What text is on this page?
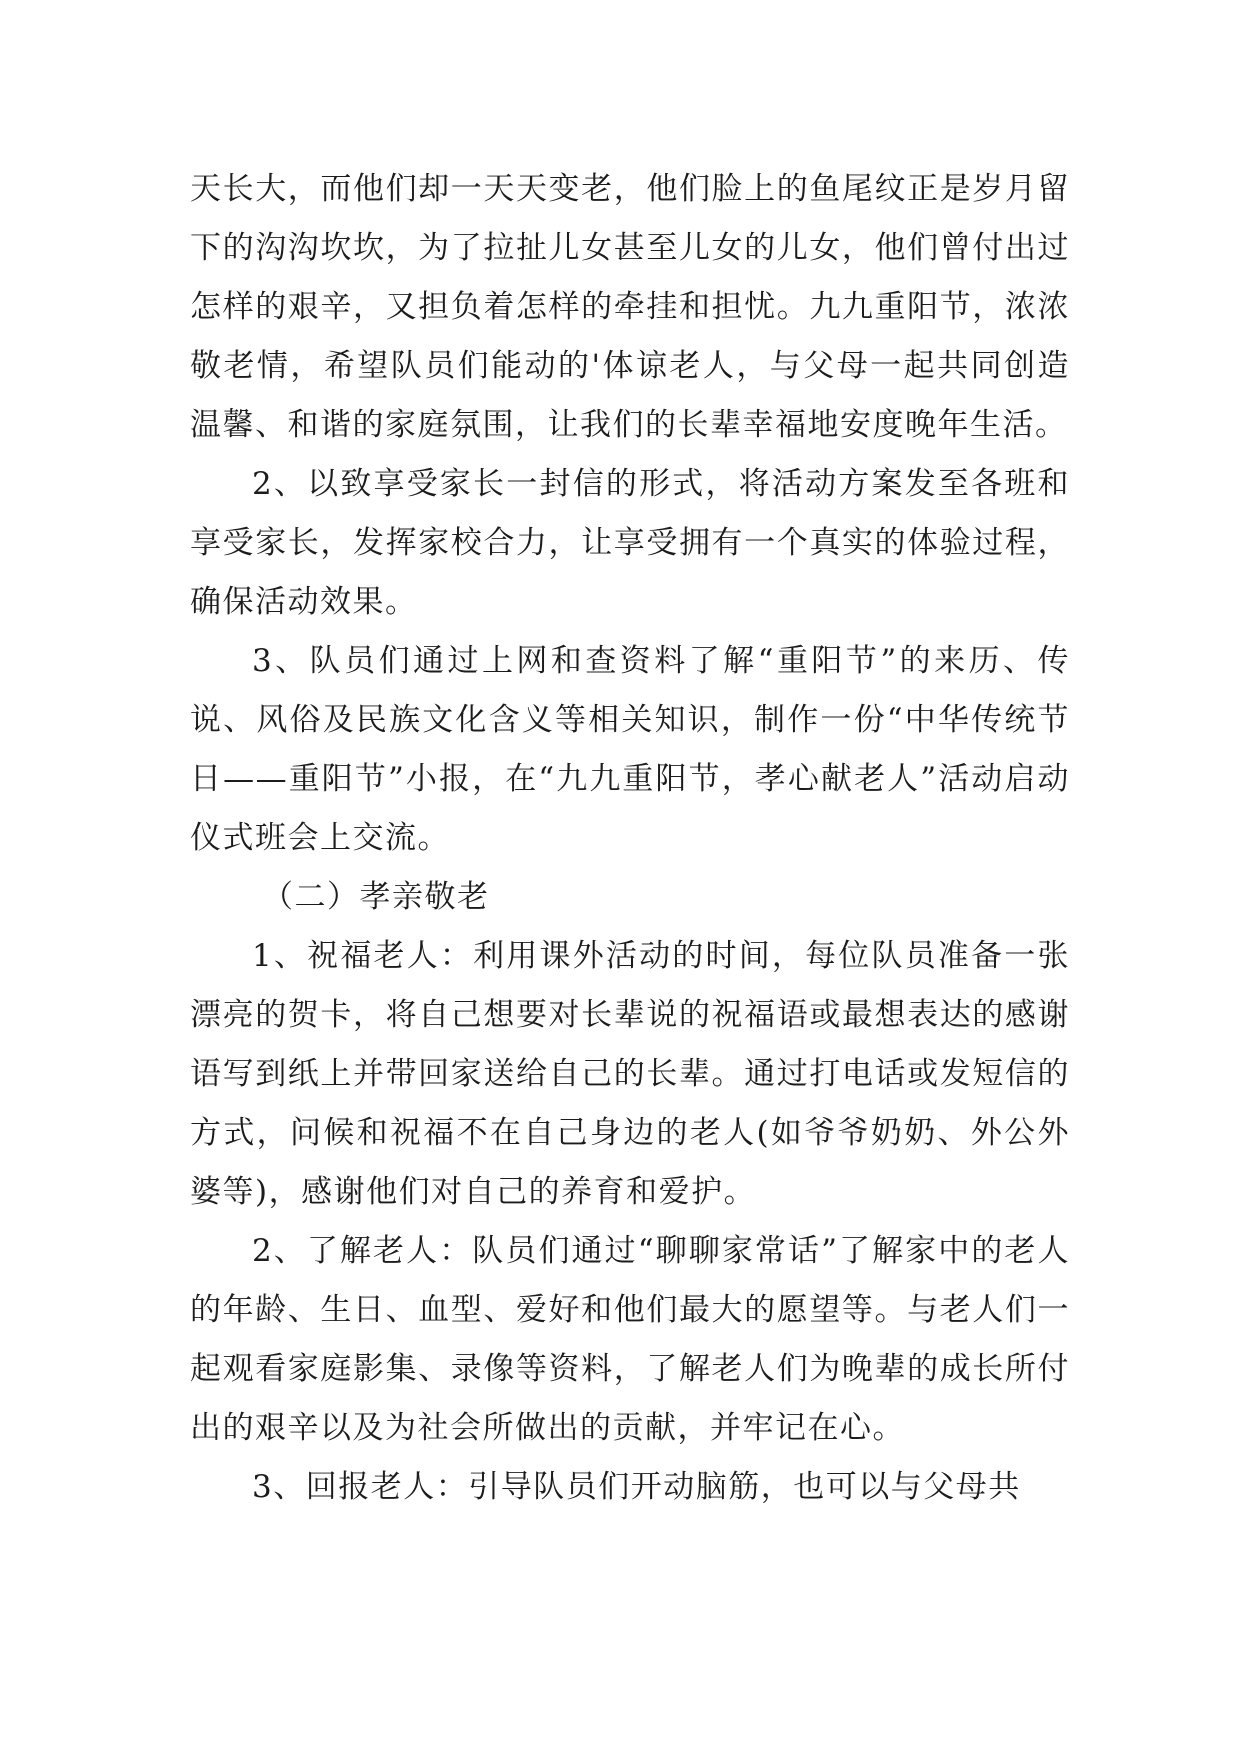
天长大，而他们却一天天变老，他们脸上的鱼尾纹正是岁月留下的沟沟坎坎，为了拉扯儿女甚至儿女的儿女，他们曾付出过怎样的艰辛，又担负着怎样的牵挂和担忧。九九重阳节，浓浓敬老情，希望队员们能动的'体谅老人，与父母一起共同创造温馨、和谐的家庭氛围，让我们的长辈幸福地安度晚年生活。

2、以致享受家长一封信的形式，将活动方案发至各班和享受家长，发挥家校合力，让享受拥有一个真实的体验过程，确保活动效果。

3、队员们通过上网和查资料了解“重阳节”的来历、传说、风俗及民族文化含义等相关知识，制作一份“中华传统节日——重阳节”小报，在“九九重阳节，孝心献老人”活动启动仪式班会上交流。

（二）孝亲敬老

1、祝福老人：利用课外活动的时间，每位队员准备一张漂亮的贺卡，将自己想要对长辈说的祝福语或最想表达的感谢语写到纸上并带回家送给自己的长辈。通过打电话或发短信的方式，问候和祝福不在自己身边的老人(如爷爷奶奶、外公外婆等)，感谢他们对自己的养育和爱护。

2、了解老人：队员们通过“聊聊家常话”了解家中的老人的年龄、生日、血型、爱好和他们最大的愿望等。与老人们一起观看家庭影集、录像等资料，了解老人们为晚辈的成长所付出的艰辛以及为社会所做出的贡献，并牢记在心。

3、回报老人：引导队员们开动脑筋，也可以与父母共
